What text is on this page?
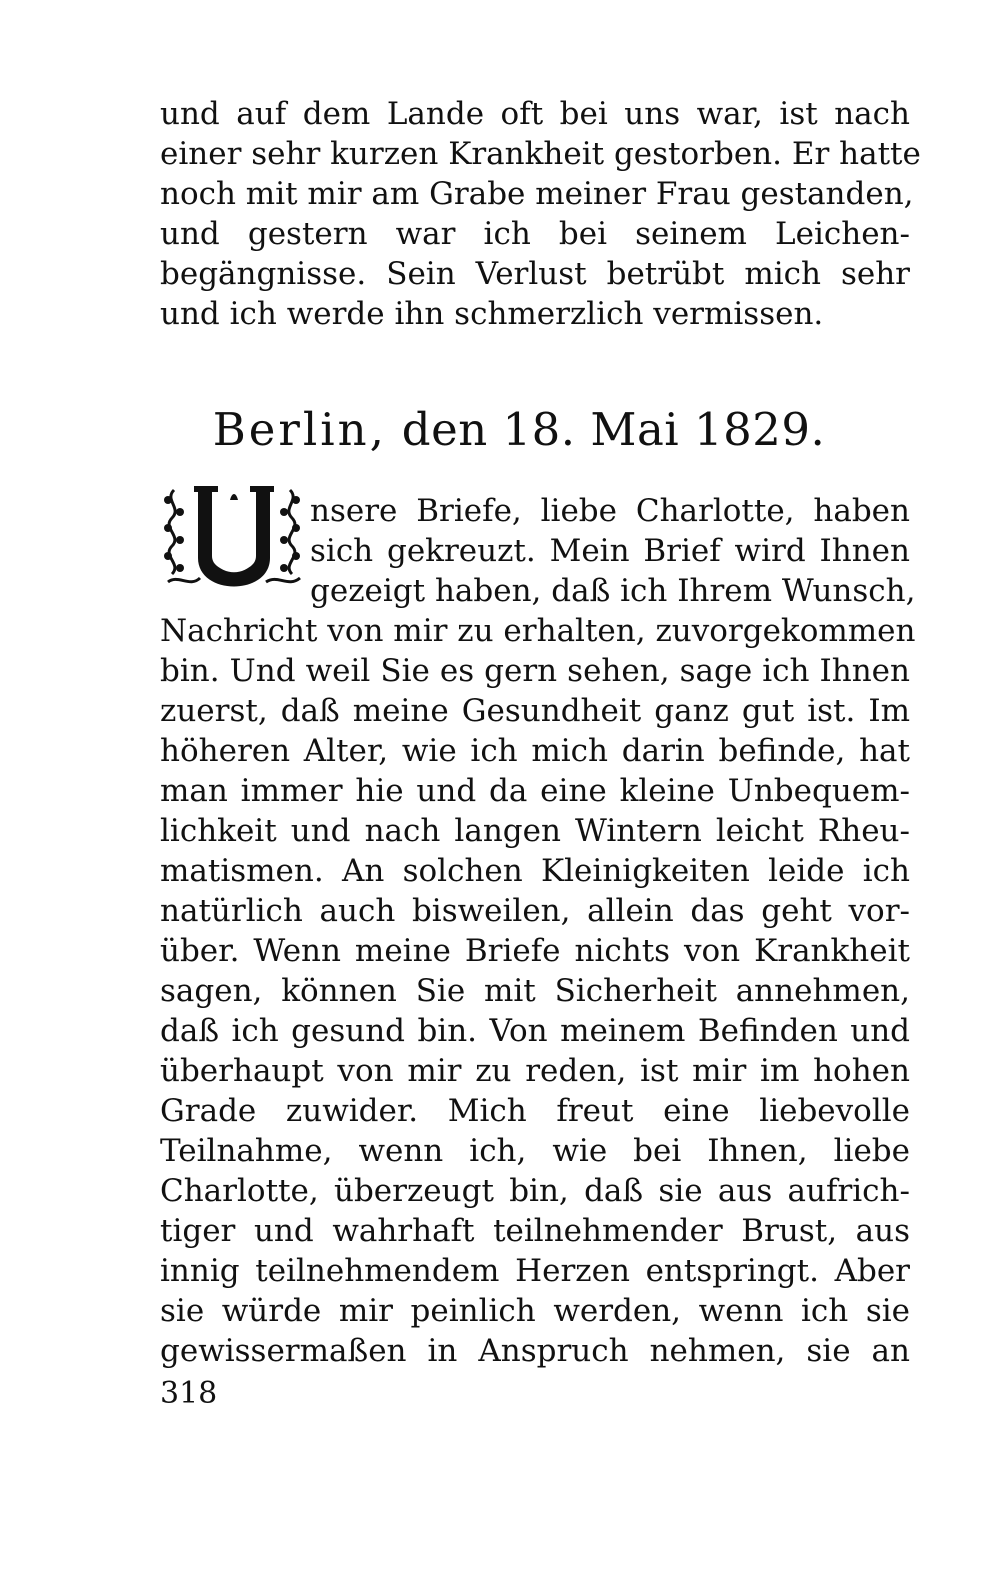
und auf dem Lande oft bei uns war, ist nach
einer sehr kurzen Krankheit gestorben. Er hatte
noch mit mir am Grabe meiner Frau gestanden,
und gestern war ich bei seinem Leichen-
begängnisse. Sein Verlust betrübt mich sehr
und ich werde ihn schmerzlich vermissen.
Berlin, den 18. Mai 1829.
nsere Briefe, liebe Charlotte, haben
sich gekreuzt. Mein Brief wird Ihnen
gezeigt haben, daß ich Ihrem Wunsch,
Nachricht von mir zu erhalten, zuvorgekommen
bin. Und weil Sie es gern sehen, sage ich Ihnen
zuerst, daß meine Gesundheit ganz gut ist. Im
höheren Alter, wie ich mich darin befinde, hat
man immer hie und da eine kleine Unbequem-
lichkeit und nach langen Wintern leicht Rheu-
matismen. An solchen Kleinigkeiten leide ich
natürlich auch bisweilen, allein das geht vor-
über. Wenn meine Briefe nichts von Krankheit
sagen, können Sie mit Sicherheit annehmen,
daß ich gesund bin. Von meinem Befinden und
überhaupt von mir zu reden, ist mir im hohen
Grade zuwider. Mich freut eine liebevolle
Teilnahme, wenn ich, wie bei Ihnen, liebe
Charlotte, überzeugt bin, daß sie aus aufrich-
tiger und wahrhaft teilnehmender Brust, aus
innig teilnehmendem Herzen entspringt. Aber
sie würde mir peinlich werden, wenn ich sie
gewissermaßen in Anspruch nehmen, sie an
318
